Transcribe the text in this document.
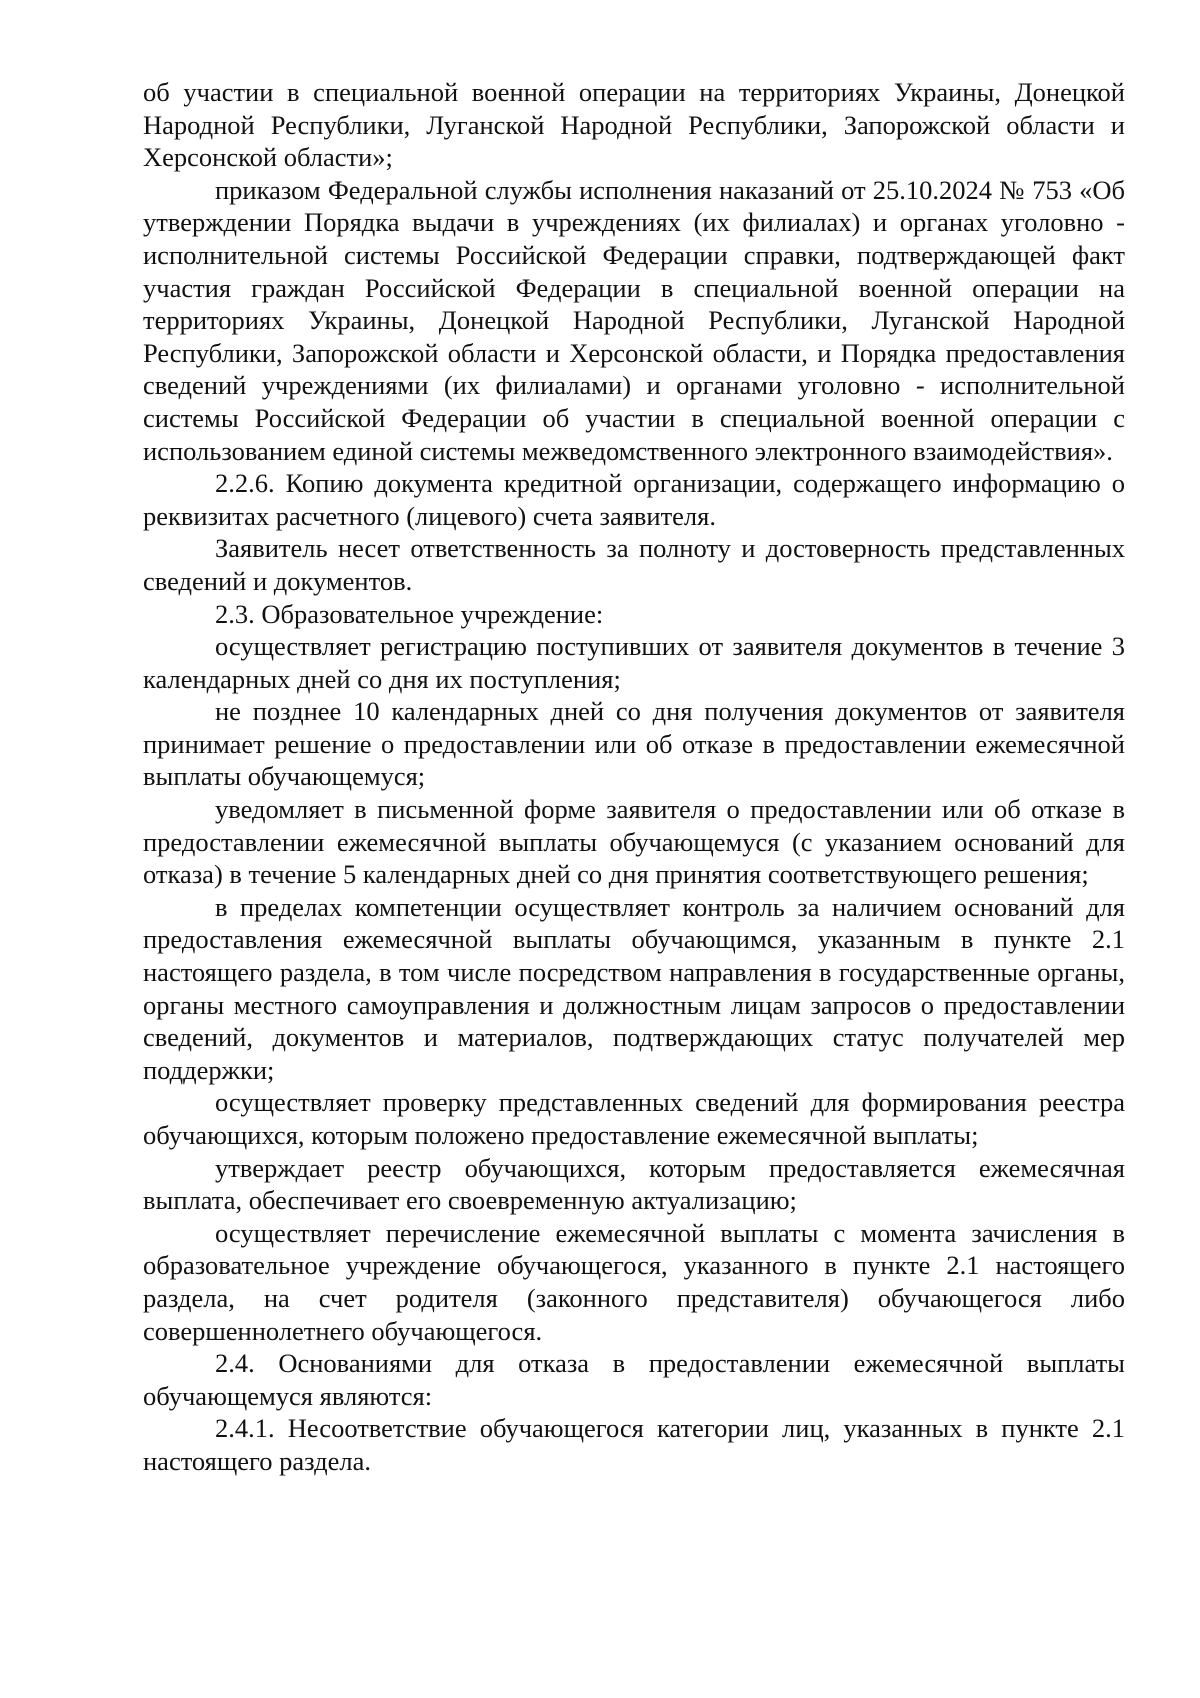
об участии в специальной военной операции на территориях Украины, Донецкой Народной Республики, Луганской Народной Республики, Запорожской области и Херсонской области»;

приказом Федеральной службы исполнения наказаний от 25.10.2024 № 753 «Об утверждении Порядка выдачи в учреждениях (их филиалах) и органах уголовно - исполнительной системы Российской Федерации справки, подтверждающей факт участия граждан Российской Федерации в специальной военной операции на территориях Украины, Донецкой Народной Республики, Луганской Народной Республики, Запорожской области и Херсонской области, и Порядка предоставления сведений учреждениями (их филиалами) и органами уголовно - исполнительной системы Российской Федерации об участии в специальной военной операции с использованием единой системы межведомственного электронного взаимодействия».

2.2.6. Копию документа кредитной организации, содержащего информацию о реквизитах расчетного (лицевого) счета заявителя.

Заявитель несет ответственность за полноту и достоверность представленных сведений и документов.

2.3. Образовательное учреждение:

осуществляет регистрацию поступивших от заявителя документов в течение 3 календарных дней со дня их поступления;

не позднее 10 календарных дней со дня получения документов от заявителя принимает решение о предоставлении или об отказе в предоставлении ежемесячной выплаты обучающемуся;

уведомляет в письменной форме заявителя о предоставлении или об отказе в предоставлении ежемесячной выплаты обучающемуся (с указанием оснований для отказа) в течение 5 календарных дней со дня принятия соответствующего решения;

в пределах компетенции осуществляет контроль за наличием оснований для предоставления ежемесячной выплаты обучающимся, указанным в пункте 2.1 настоящего раздела, в том числе посредством направления в государственные органы, органы местного самоуправления и должностным лицам запросов о предоставлении сведений, документов и материалов, подтверждающих статус получателей мер поддержки;

осуществляет проверку представленных сведений для формирования реестра обучающихся, которым положено предоставление ежемесячной выплаты;

утверждает реестр обучающихся, которым предоставляется ежемесячная выплата, обеспечивает его своевременную актуализацию;

осуществляет перечисление ежемесячной выплаты с момента зачисления в образовательное учреждение обучающегося, указанного в пункте 2.1 настоящего раздела, на счет родителя (законного представителя) обучающегося либо совершеннолетнего обучающегося.

2.4. Основаниями для отказа в предоставлении ежемесячной выплаты обучающемуся являются:

2.4.1. Несоответствие обучающегося категории лиц, указанных в пункте 2.1 настоящего раздела.
